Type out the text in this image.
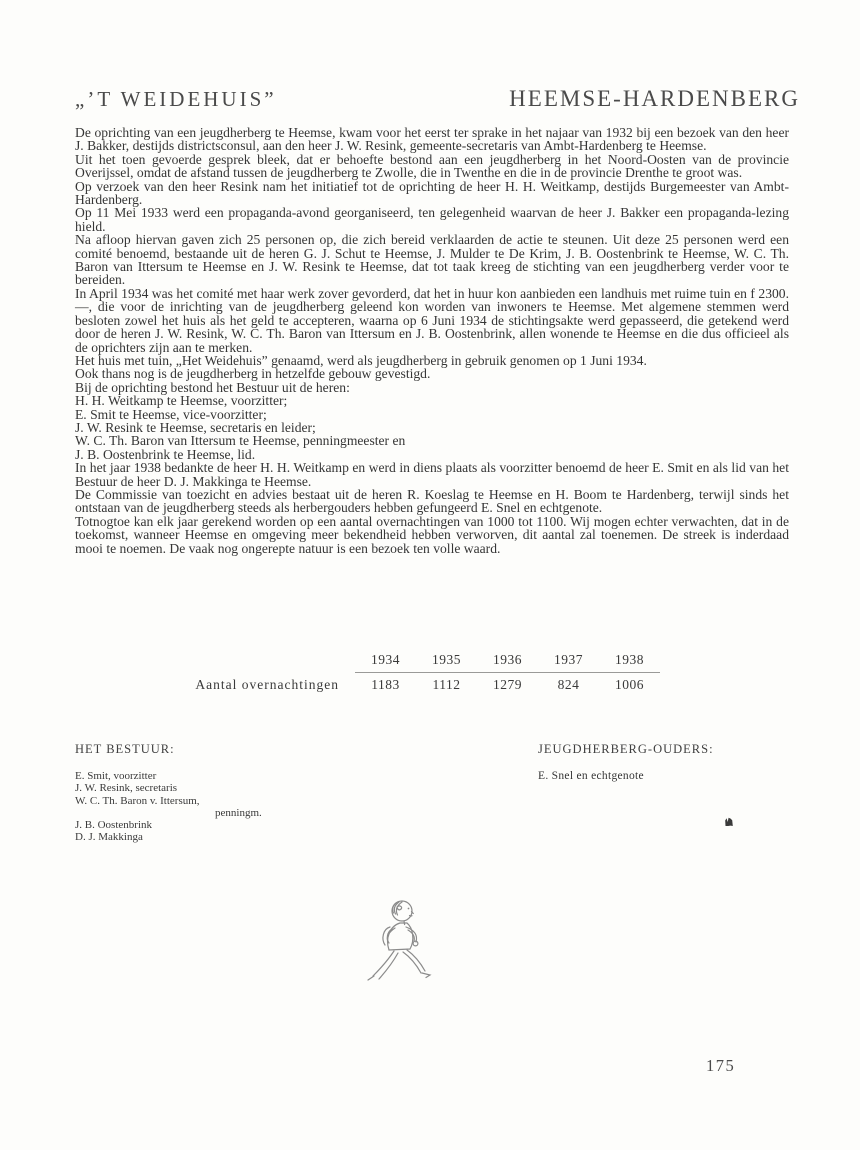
„’T WEIDEHUIS”	HEEMSE-HARDENBERG

De oprichting van een jeugdherberg te Heemse, kwam voor het eerst ter sprake in het najaar van 1932 bij een bezoek van den heer J. Bakker, destijds districtsconsul, aan den heer J. W. Resink, gemeente-secretaris van Ambt-Hardenberg te Heemse.

Uit het toen gevoerde gesprek bleek, dat er behoefte bestond aan een jeugdherberg in het Noord-Oosten van de provincie Overijssel, omdat de afstand tussen de jeugdherberg te Zwolle, die in Twenthe en die in de provincie Drenthe te groot was.

Op verzoek van den heer Resink nam het initiatief tot de oprichting de heer H. H. Weitkamp, destijds Burgemeester van Ambt-Hardenberg.

Op 11 Mei 1933 werd een propaganda-avond georganiseerd, ten gelegenheid waarvan de heer J. Bakker een propaganda-lezing hield.

Na afloop hiervan gaven zich 25 personen op, die zich bereid verklaarden de actie te steunen. Uit deze 25 personen werd een comité benoemd, bestaande uit de heren G. J. Schut te Heemse, J. Mulder te De Krim, J. B. Oostenbrink te Heemse, W. C. Th. Baron van Ittersum te Heemse en J. W. Resink te Heemse, dat tot taak kreeg de stichting van een jeugdherberg verder voor te bereiden.

In April 1934 was het comité met haar werk zover gevorderd, dat het in huur kon aanbieden een landhuis met ruime tuin en f 2300.—, die voor de inrichting van de jeugdherberg geleend kon worden van inwoners te Heemse. Met algemene stemmen werd besloten zowel het huis als het geld te accepteren, waarna op 6 Juni 1934 de stichtingsakte werd gepasseerd, die getekend werd door de heren J. W. Resink, W. C. Th. Baron van Ittersum en J. B. Oostenbrink, allen wonende te Heemse en die dus officieel als de oprichters zijn aan te merken.

Het huis met tuin, „Het Weidehuis” genaamd, werd als jeugdherberg in gebruik genomen op 1 Juni 1934.

Ook thans nog is de jeugdherberg in hetzelfde gebouw gevestigd.

Bij de oprichting bestond het Bestuur uit de heren:

H. H. Weitkamp te Heemse, voorzitter;

E. Smit te Heemse, vice-voorzitter;

J. W. Resink te Heemse, secretaris en leider;

W. C. Th. Baron van Ittersum te Heemse, penningmeester en

J. B. Oostenbrink te Heemse, lid.

In het jaar 1938 bedankte de heer H. H. Weitkamp en werd in diens plaats als voorzitter benoemd de heer E. Smit en als lid van het Bestuur de heer D. J. Makkinga te Heemse.

De Commissie van toezicht en advies bestaat uit de heren R. Koeslag te Heemse en H. Boom te Hardenberg, terwijl sinds het ontstaan van de jeugdherberg steeds als herbergouders hebben gefungeerd E. Snel en echtgenote.

Totnogtoe kan elk jaar gerekend worden op een aantal overnachtingen van 1000 tot 1100. Wij mogen echter verwachten, dat in de toekomst, wanneer Heemse en omgeving meer bekendheid hebben verworven, dit aantal zal toenemen. De streek is inderdaad mooi te noemen. De vaak nog ongerepte natuur is een bezoek ten volle waard.

1934	1935	1936	1937	1938
Aantal overnachtingen	1183	1112	1279	824	1006
HET BESTUUR:
E. Smit, voorzitter
J. W. Resink, secretaris
W. C. Th. Baron v. Ittersum,
penningm.
J. B. Oostenbrink
D. J. Makkinga
JEUGDHERBERG-OUDERS:
E. Snel en echtgenote
175
